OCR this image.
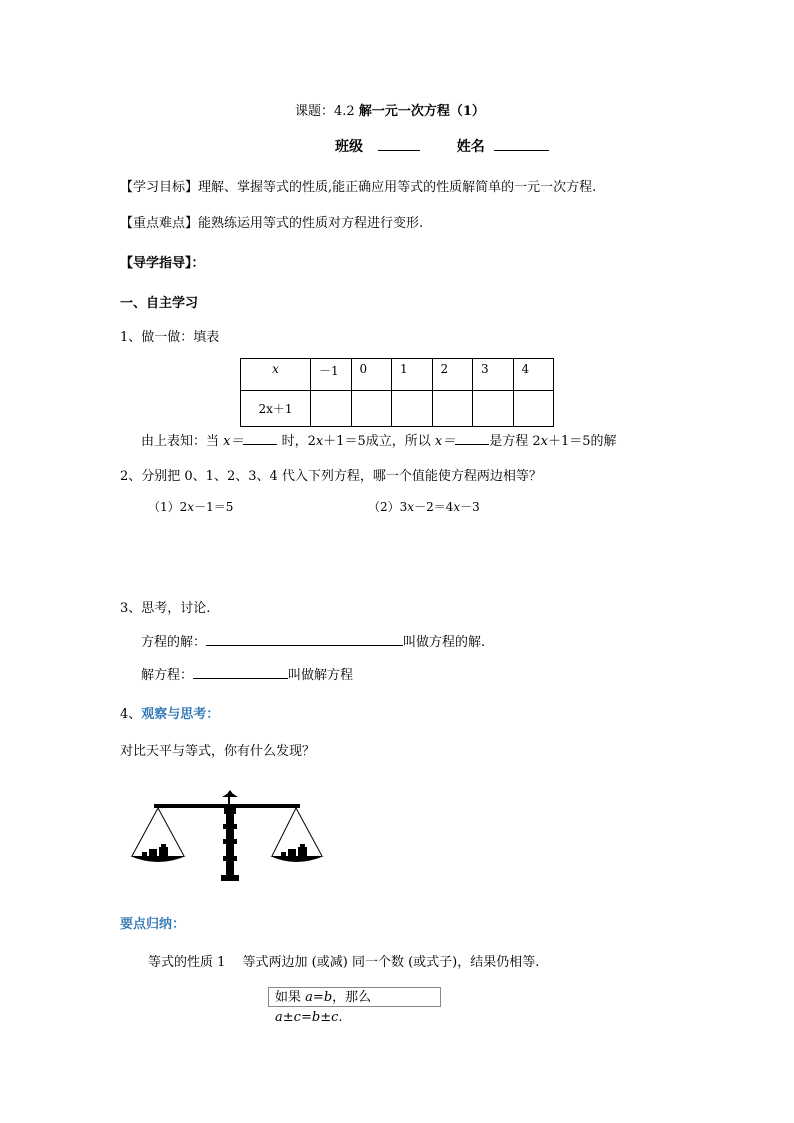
课题：4.2 解一元一次方程（1）
班级	姓名
【学习目标】理解、掌握等式的性质,能正确应用等式的性质解简单的一元一次方程.
【重点难点】能熟练运用等式的性质对方程进行变形.
【导学指导】：
一、自主学习
1、做一做：填表
x	－1	0	1	2	3	4
2x＋1						
由上表知：当 x＝	时，2x＋1＝5成立，所以 x＝	是方程 2x＋1＝5的解
2、分别把 0、1、2、3、4 代入下列方程，哪一个值能使方程两边相等？
（1）2x－1＝5	（2）3x－2＝4x－3
3、思考，讨论.
方程的解：	叫做方程的解.
解方程：	叫做解方程
4、观察与思考：
对比天平与等式，你有什么发现？
要点归纳：
等式的性质 1　 等式两边加 (或减) 同一个数 (或式子)，结果仍相等.
如果 a=b，那么 a±c=b±c.
